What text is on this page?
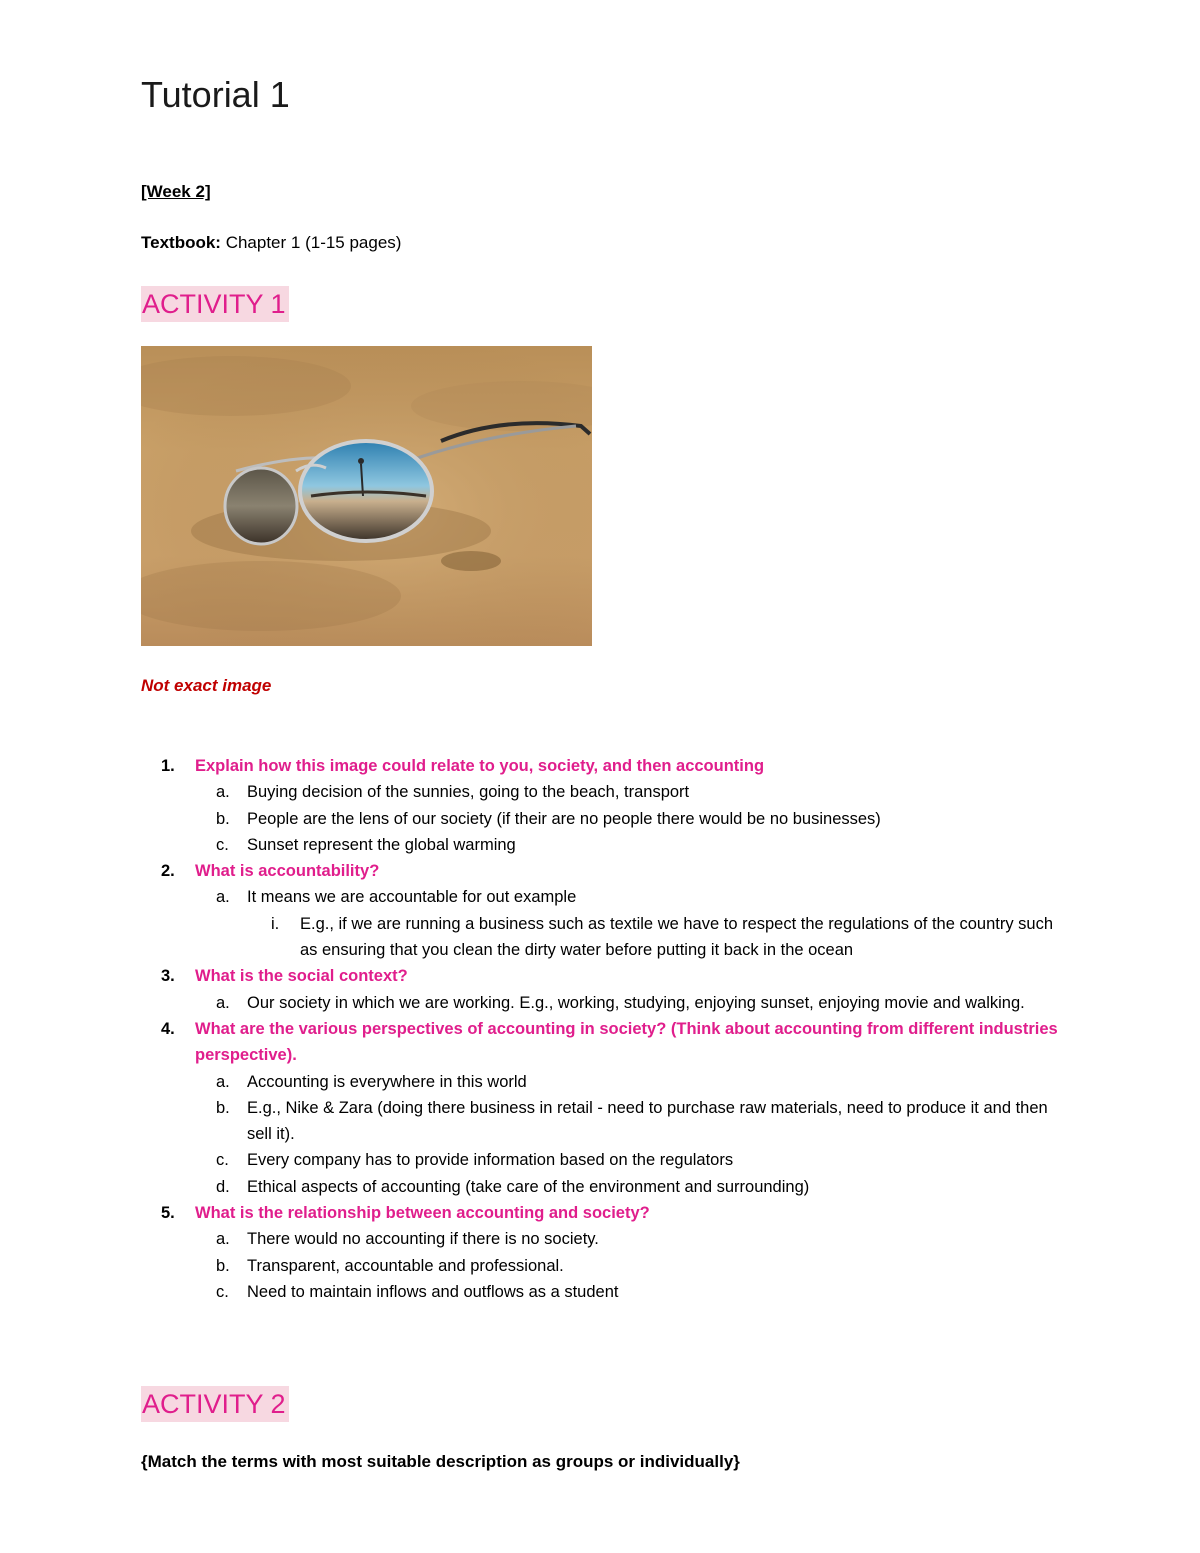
Tutorial 1
[Week 2]
Textbook: Chapter 1 (1-15 pages)
ACTIVITY 1
Not exact image
1. Explain how this image could relate to you, society, and then accounting
a. Buying decision of the sunnies, going to the beach, transport
b. People are the lens of our society (if their are no people there would be no businesses)
c. Sunset represent the global warming
2. What is accountability?
a. It means we are accountable for out example
i. E.g., if we are running a business such as textile we have to respect the regulations of the country such as ensuring that you clean the dirty water before putting it back in the ocean
3. What is the social context?
a. Our society in which we are working. E.g., working, studying, enjoying sunset, enjoying movie and walking.
4. What are the various perspectives of accounting in society? (Think about accounting from different industries perspective).
a. Accounting is everywhere in this world
b. E.g., Nike & Zara (doing there business in retail - need to purchase raw materials, need to produce it and then sell it).
c. Every company has to provide information based on the regulators
d. Ethical aspects of accounting (take care of the environment and surrounding)
5. What is the relationship between accounting and society?
a. There would no accounting if there is no society.
b. Transparent, accountable and professional.
c. Need to maintain inflows and outflows as a student
ACTIVITY 2
{Match the terms with most suitable description as groups or individually}
